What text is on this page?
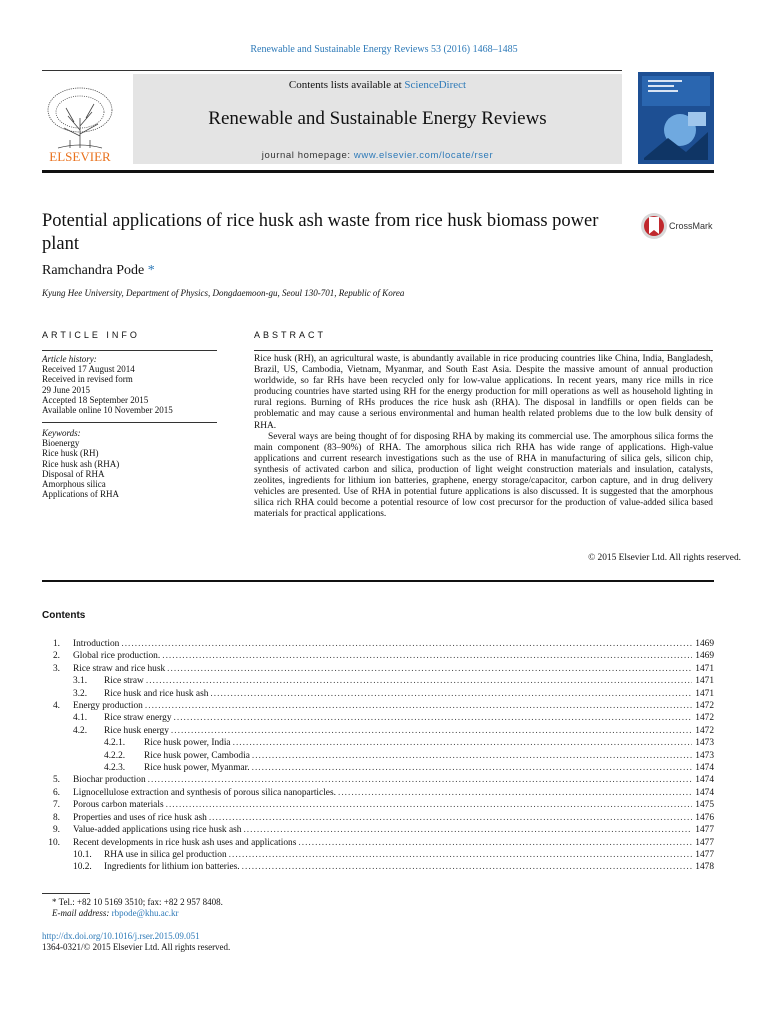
Renewable and Sustainable Energy Reviews 53 (2016) 1468–1485
ELSEVIER
Contents lists available at ScienceDirect
Renewable and Sustainable Energy Reviews
journal homepage: www.elsevier.com/locate/rser
Potential applications of rice husk ash waste from rice husk biomass power plant
CrossMark
Ramchandra Pode *
Kyung Hee University, Department of Physics, Dongdaemoon-gu, Seoul 130-701, Republic of Korea
ARTICLE INFO
Article history:
Received 17 August 2014
Received in revised form
29 June 2015
Accepted 18 September 2015
Available online 10 November 2015
Keywords:
Bioenergy
Rice husk (RH)
Rice husk ash (RHA)
Disposal of RHA
Amorphous silica
Applications of RHA
ABSTRACT

Rice husk (RH), an agricultural waste, is abundantly available in rice producing countries like China, India, Bangladesh, Brazil, US, Cambodia, Vietnam, Myanmar, and South East Asia. Despite the massive amount of annual production worldwide, so far RHs have been recycled only for low-value applications. In recent years, many rice mills in rice producing countries have started using RH for the energy production for mill operations as well as household lighting in rural regions. Burning of RHs produces the rice husk ash (RHA). The disposal in landfills or open fields can be problematic and may cause a serious environmental and human health related problems due to the low bulk density of RHA.

Several ways are being thought of for disposing RHA by making its commercial use. The amorphous silica forms the main component (83–90%) of RHA. The amorphous silica rich RHA has wide range of applications. High-value applications and current research investigations such as the use of RHA in manufacturing of silica gels, silicon chip, synthesis of activated carbon and silica, production of light weight construction materials and insulation, catalysts, zeolites, ingredients for lithium ion batteries, graphene, energy storage/capacitor, carbon capture, and in drug delivery vehicles are presented. Use of RHA in potential future applications is also discussed. It is suggested that the amorphous silica rich RHA could become a potential resource of low cost precursor for the production of value-added silica based materials for practical applications.

© 2015 Elsevier Ltd. All rights reserved.
Contents
1. Introduction .....	1469
2. Global rice production. .....	1469
3. Rice straw and rice husk .....	1471
3.1. Rice straw .....	1471
3.2. Rice husk and rice husk ash .....	1471
4. Energy production .....	1472
4.1. Rice straw energy .....	1472
4.2. Rice husk energy .....	1472
4.2.1. Rice husk power, India .....	1473
4.2.2. Rice husk power, Cambodia .....	1473
4.2.3. Rice husk power, Myanmar. .....	1474
5. Biochar production .....	1474
6. Lignocellulose extraction and synthesis of porous silica nanoparticles. .....	1474
7. Porous carbon materials .....	1475
8. Properties and uses of rice husk ash .....	1476
9. Value-added applications using rice husk ash .....	1477
10. Recent developments in rice husk ash uses and applications .....	1477
10.1. RHA use in silica gel production .....	1477
10.2. Ingredients for lithium ion batteries. .....	1478
* Tel.: +82 10 5169 3510; fax: +82 2 957 8408.
E-mail address: rbpode@khu.ac.kr
http://dx.doi.org/10.1016/j.rser.2015.09.051
1364-0321/© 2015 Elsevier Ltd. All rights reserved.
